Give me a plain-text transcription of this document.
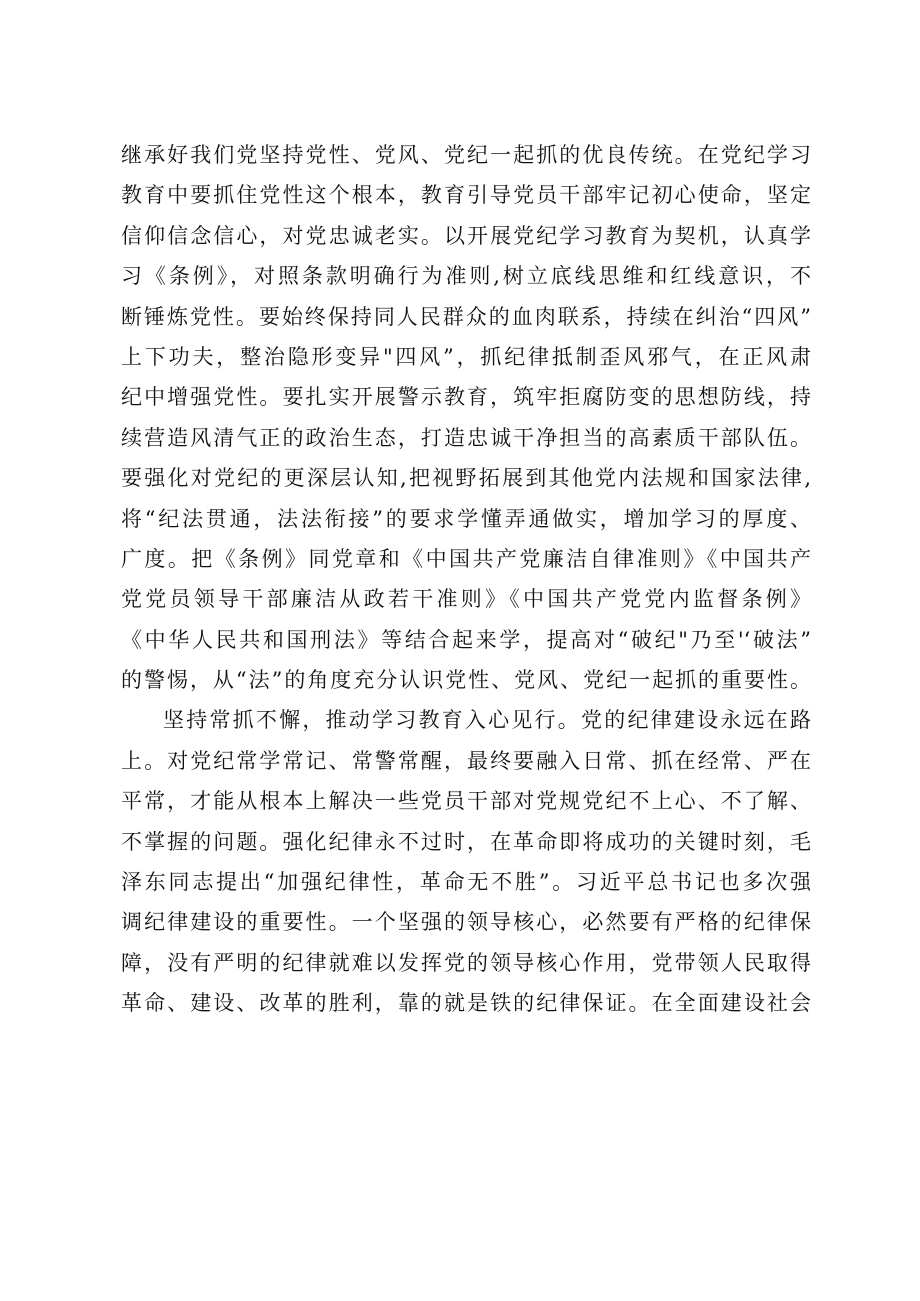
继承好我们党坚持党性、党风、党纪一起抓的优良传统。在党纪学习
教育中要抓住党性这个根本，教育引导党员干部牢记初心使命，坚定
信仰信念信心，对党忠诚老实。以开展党纪学习教育为契机，认真学
习《条例》，对照条款明确行为准则,树立底线思维和红线意识，不
断锤炼党性。要始终保持同人民群众的血肉联系，持续在纠治“四风”
上下功夫，整治隐形变异"四风”，抓纪律抵制歪风邪气，在正风肃
纪中增强党性。要扎实开展警示教育，筑牢拒腐防变的思想防线，持
续营造风清气正的政治生态，打造忠诚干净担当的高素质干部队伍。
要强化对党纪的更深层认知,把视野拓展到其他党内法规和国家法律,
将“纪法贯通，法法衔接”的要求学懂弄通做实，增加学习的厚度、
广度。把《条例》同党章和《中国共产党廉洁自律准则》《中国共产
党党员领导干部廉洁从政若干准则》《中国共产党党内监督条例》
《中华人民共和国刑法》等结合起来学，提高对“破纪"乃至'‘破法”
的警惕，从“法”的角度充分认识党性、党风、党纪一起抓的重要性。
坚持常抓不懈，推动学习教育入心见行。党的纪律建设永远在路
上。对党纪常学常记、常警常醒，最终要融入日常、抓在经常、严在
平常，才能从根本上解决一些党员干部对党规党纪不上心、不了解、
不掌握的问题。强化纪律永不过时，在革命即将成功的关键时刻，毛
泽东同志提出“加强纪律性，革命无不胜”。习近平总书记也多次强
调纪律建设的重要性。一个坚强的领导核心，必然要有严格的纪律保
障，没有严明的纪律就难以发挥党的领导核心作用，党带领人民取得
革命、建设、改革的胜利，靠的就是铁的纪律保证。在全面建设社会
